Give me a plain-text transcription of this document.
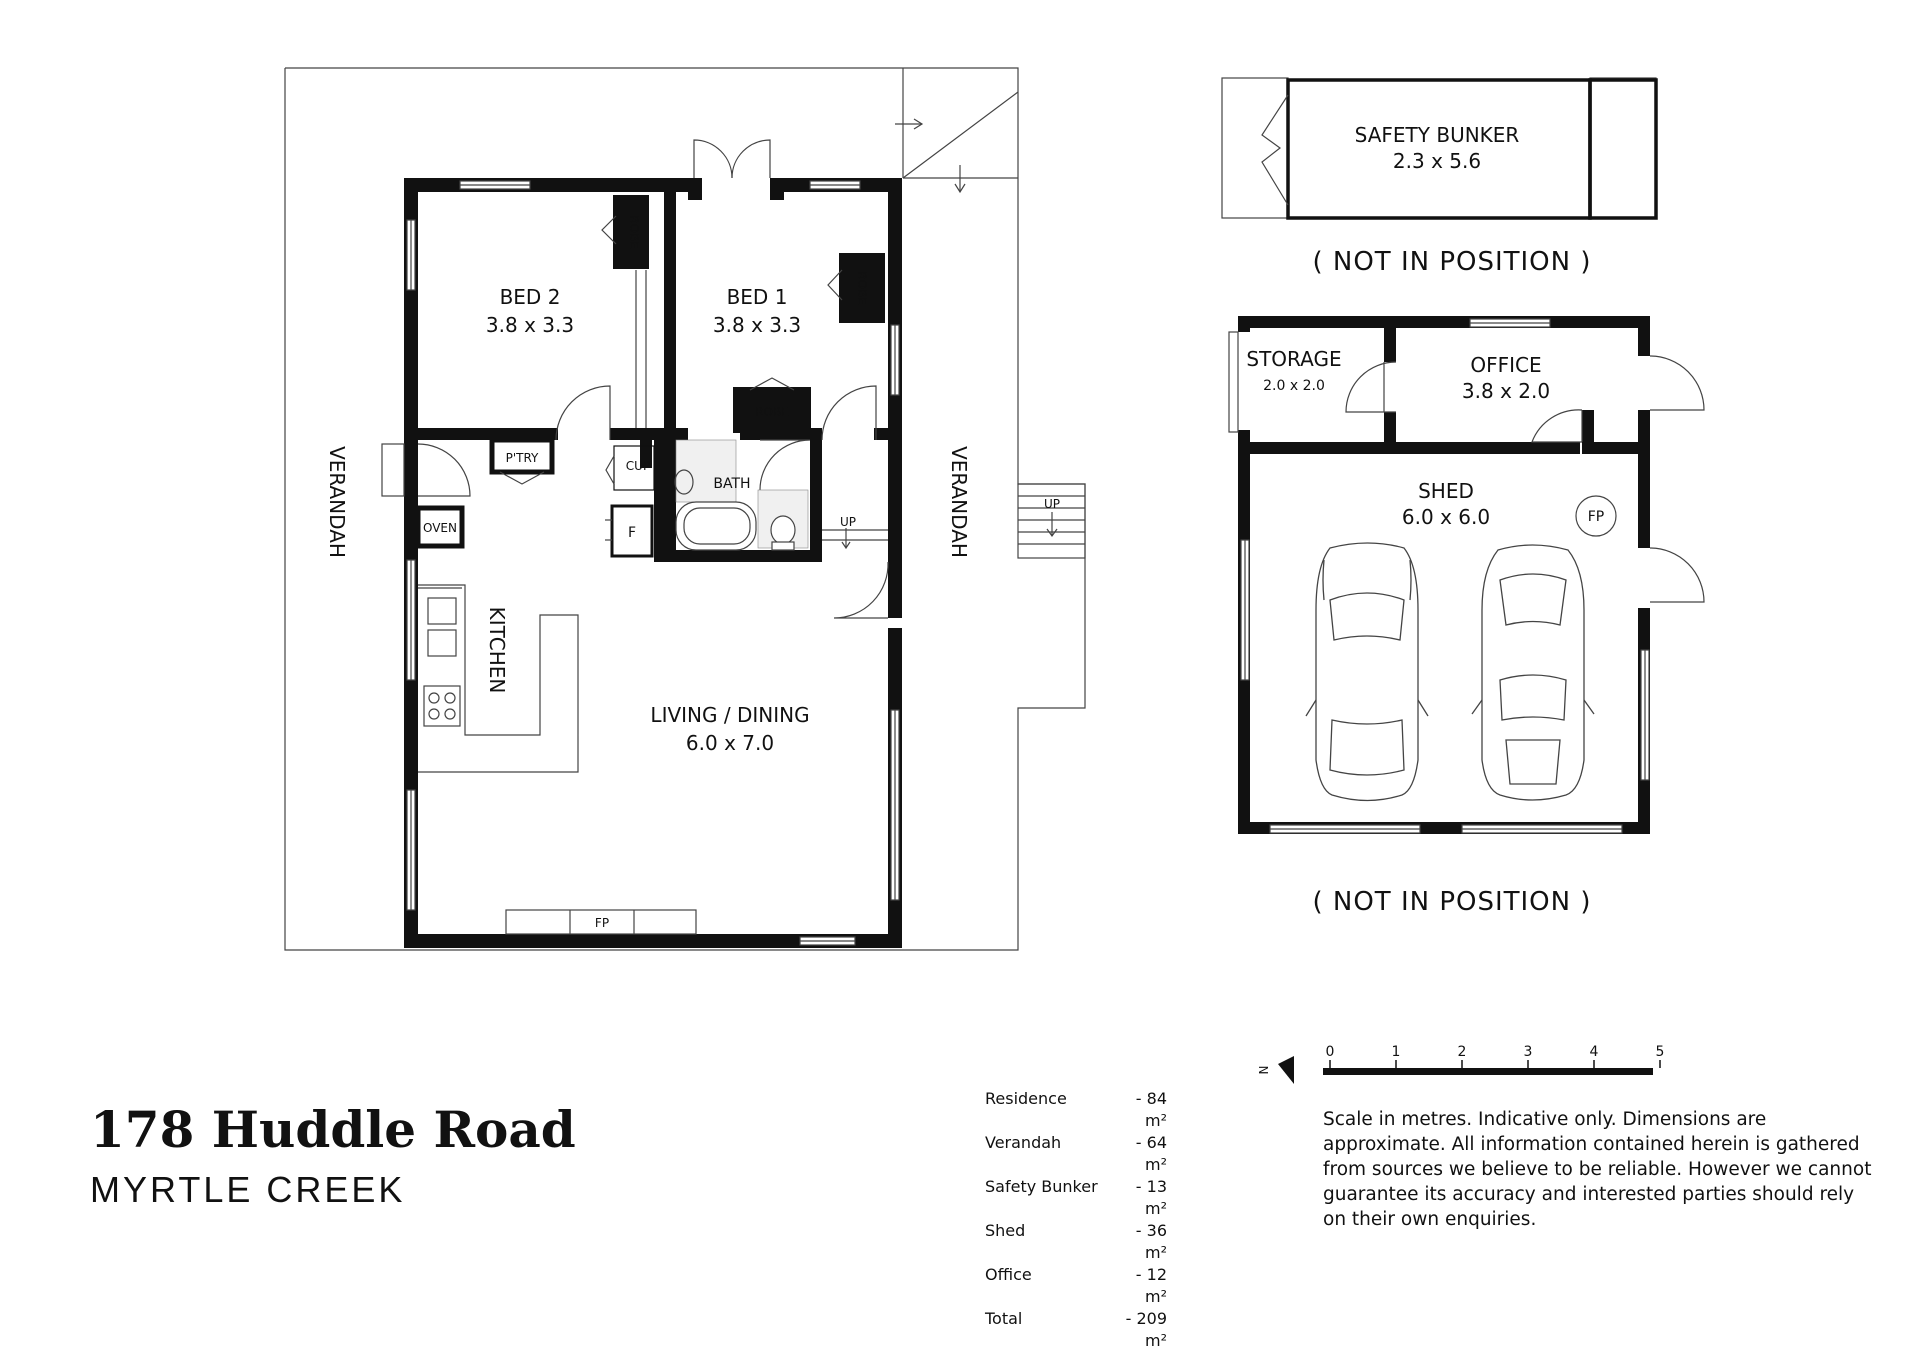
BED 2
3.8 x 3.3
BED 1
3.8 x 3.3
LIVING / DINING
6.0 x 7.0
KITCHEN
BATH
P'TRY
CUP
F
OVEN
ROBE
ROBE
ROBE
FP
UP
UP
VERANDAH	VERANDAH
SAFETY BUNKER
2.3 x 5.6
( NOT IN POSITION )
STORAGE
2.0 x 2.0
OFFICE
3.8 x 2.0
SHED
6.0 x 6.0	FP
( NOT IN POSITION )
0	1	2	3	4	5
N
178 Huddle Road
MYRTLE CREEK
Residence	- 84 m²
Verandah	- 64 m²
Safety Bunker	- 13 m²
Shed	- 36 m²
Office	- 12 m²
Total	- 209 m²
Scale in metres. Indicative only. Dimensions are approximate. All information contained herein is gathered from sources we believe to be reliable. However we cannot guarantee its accuracy and interested parties should rely on their own enquiries.
